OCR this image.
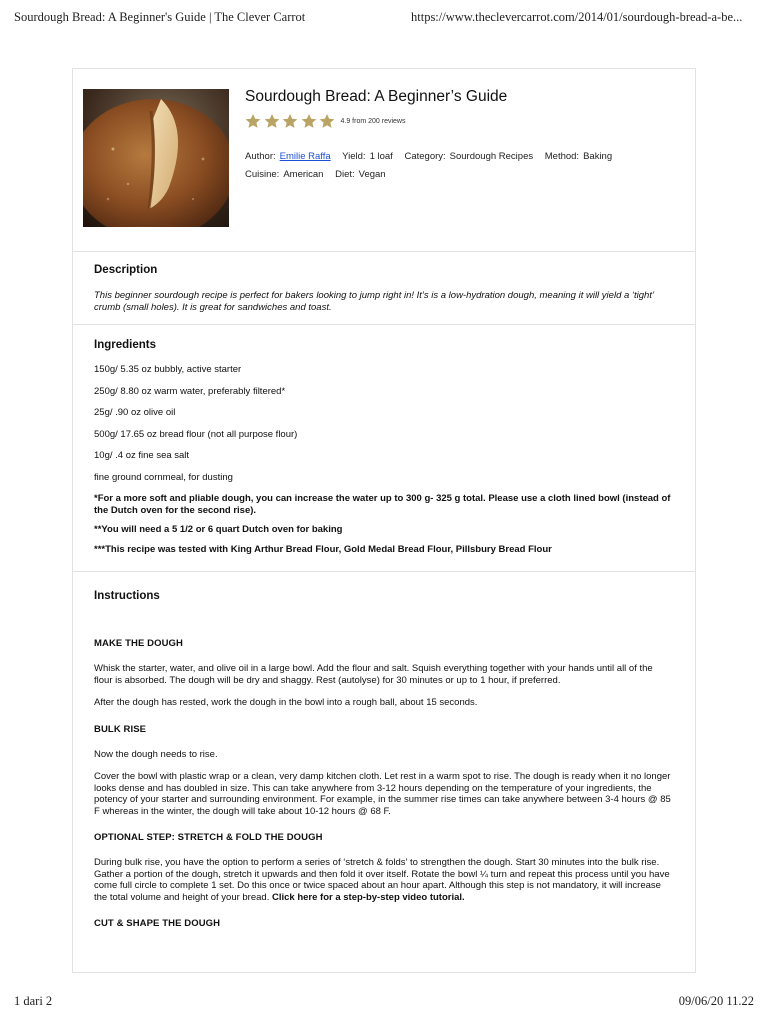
Sourdough Bread: A Beginner's Guide | The Clever Carrot	https://www.theclevercarrot.com/2014/01/sourdough-bread-a-be...
Sourdough Bread: A Beginner’s Guide
4.9 from 200 reviews
Author: Emilie Raffa Yield: 1 loaf Category: Sourdough Recipes Method: Baking
Cuisine: American Diet: Vegan
Description

This beginner sourdough recipe is perfect for bakers looking to jump right in! It’s is a low-hydration dough, meaning it will yield a ‘tight’ crumb (small holes). It is great for sandwiches and toast.

Ingredients
150g/ 5.35 oz bubbly, active starter
250g/ 8.80 oz warm water, preferably filtered*
25g/ .90 oz olive oil
500g/ 17.65 oz bread flour (not all purpose flour)
10g/ .4 oz fine sea salt
fine ground cornmeal, for dusting
*For a more soft and pliable dough, you can increase the water up to 300 g- 325 g total. Please use a cloth lined bowl (instead of the Dutch oven for the second rise).
**You will need a 5 1/2 or 6 quart Dutch oven for baking
***This recipe was tested with King Arthur Bread Flour, Gold Medal Bread Flour, Pillsbury Bread Flour
Instructions
MAKE THE DOUGH

Whisk the starter, water, and olive oil in a large bowl. Add the flour and salt. Squish everything together with your hands until all of the flour is absorbed. The dough will be dry and shaggy. Rest (autolyse) for 30 minutes or up to 1 hour, if preferred.

After the dough has rested, work the dough in the bowl into a rough ball, about 15 seconds.

BULK RISE

Now the dough needs to rise.

Cover the bowl with plastic wrap or a clean, very damp kitchen cloth. Let rest in a warm spot to rise. The dough is ready when it no longer looks dense and has doubled in size. This can take anywhere from 3-12 hours depending on the temperature of your ingredients, the potency of your starter and surrounding environment. For example, in the summer rise times can take anywhere between 3-4 hours @ 85 F whereas in the winter, the dough will take about 10-12 hours @ 68 F.

OPTIONAL STEP: STRETCH & FOLD THE DOUGH

During bulk rise, you have the option to perform a series of ‘stretch & folds’ to strengthen the dough. Start 30 minutes into the bulk rise. Gather a portion of the dough, stretch it upwards and then fold it over itself. Rotate the bowl ¼ turn and repeat this process until you have come full circle to complete 1 set. Do this once or twice spaced about an hour apart. Although this step is not mandatory, it will increase the total volume and height of your bread. Click here for a step-by-step video tutorial.

CUT & SHAPE THE DOUGH
1 dari 2	09/06/20 11.22
